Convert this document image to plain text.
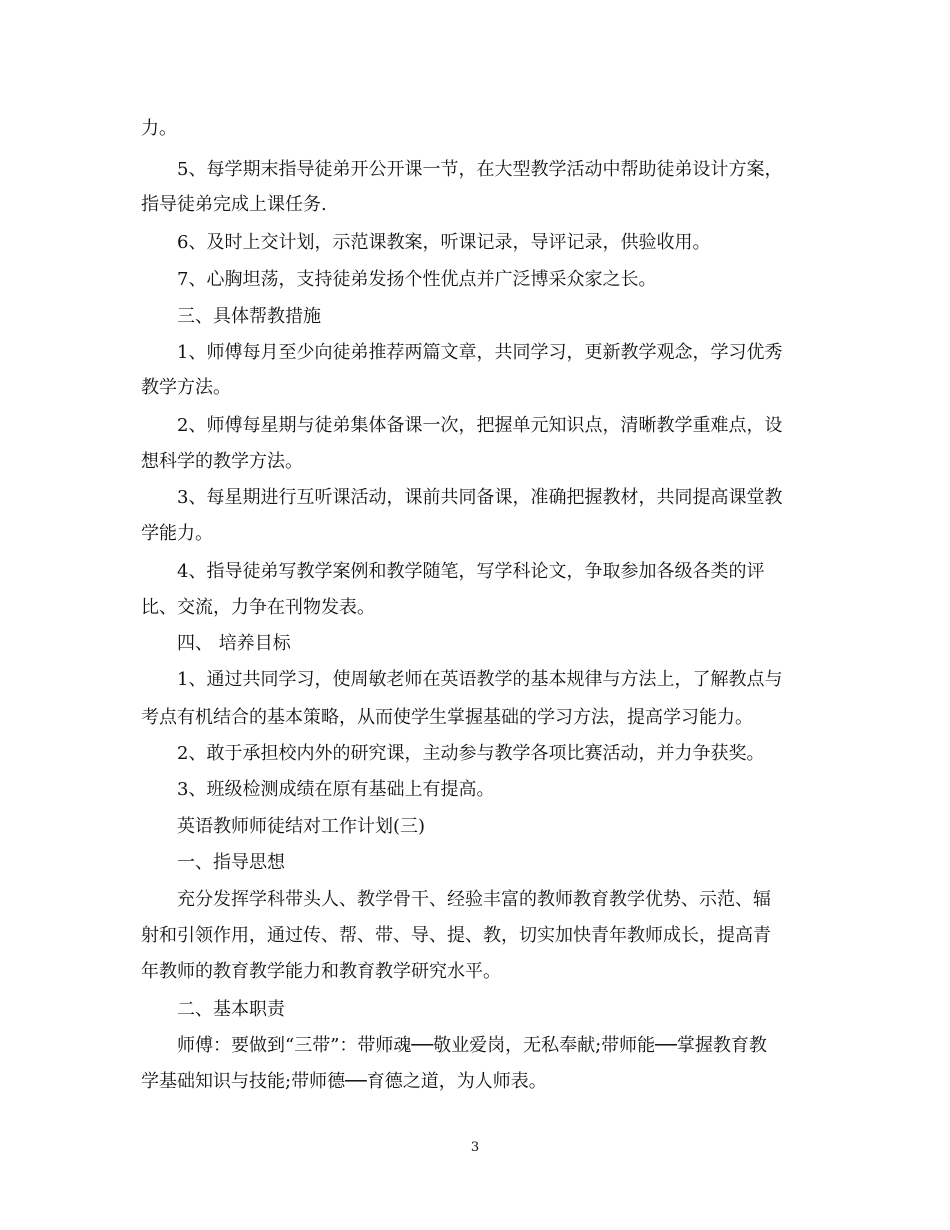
力。
5、每学期末指导徒弟开公开课一节，在大型教学活动中帮助徒弟设计方案，
指导徒弟完成上课任务.
6、及时上交计划，示范课教案，听课记录，导评记录，供验收用。
7、心胸坦荡，支持徒弟发扬个性优点并广泛博采众家之长。
三、具体帮教措施
1、师傅每月至少向徒弟推荐两篇文章，共同学习，更新教学观念，学习优秀
教学方法。
2、师傅每星期与徒弟集体备课一次，把握单元知识点，清晰教学重难点，设
想科学的教学方法。
3、每星期进行互听课活动，课前共同备课，准确把握教材，共同提高课堂教
学能力。
4、指导徒弟写教学案例和教学随笔，写学科论文，争取参加各级各类的评
比、交流，力争在刊物发表。
四、 培养目标
1、通过共同学习，使周敏老师在英语教学的基本规律与方法上，了解教点与
考点有机结合的基本策略，从而使学生掌握基础的学习方法，提高学习能力。
2、敢于承担校内外的研究课，主动参与教学各项比赛活动，并力争获奖。
3、班级检测成绩在原有基础上有提高。
英语教师师徒结对工作计划(三)
一、指导思想
充分发挥学科带头人、教学骨干、经验丰富的教师教育教学优势、示范、辐
射和引领作用，通过传、帮、带、导、提、教，切实加快青年教师成长，提高青
年教师的教育教学能力和教育教学研究水平。
二、基本职责
师傅：要做到“三带”：带师魂──敬业爱岗，无私奉献;带师能──掌握教育教
学基础知识与技能;带师德──育德之道，为人师表。
3
